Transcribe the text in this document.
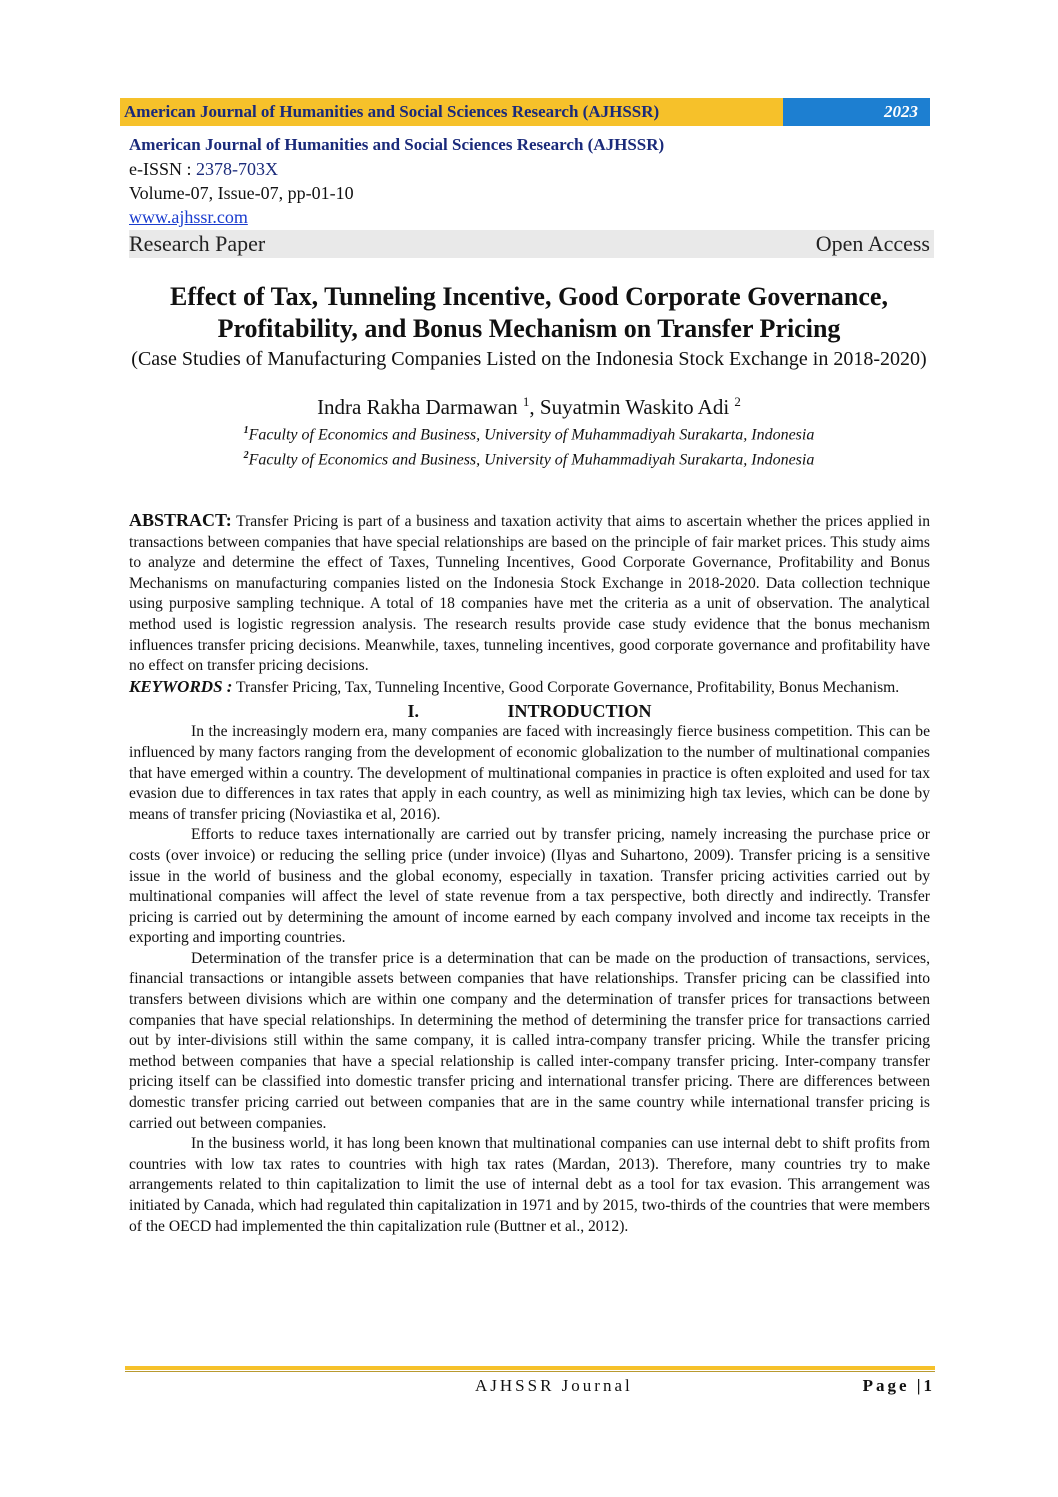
American Journal of Humanities and Social Sciences Research (AJHSSR)	2023
American Journal of Humanities and Social Sciences Research (AJHSSR)
e-ISSN : 2378-703X
Volume-07, Issue-07, pp-01-10
www.ajhssr.com
Research Paper	Open Access
Effect of Tax, Tunneling Incentive, Good Corporate Governance, Profitability, and Bonus Mechanism on Transfer Pricing
(Case Studies of Manufacturing Companies Listed on the Indonesia Stock Exchange in 2018-2020)
Indra Rakha Darmawan $^1$, Suyatmin Waskito Adi $^2$
$^1$Faculty of Economics and Business, University of Muhammadiyah Surakarta, Indonesia
$^2$Faculty of Economics and Business, University of Muhammadiyah Surakarta, Indonesia

ABSTRACT: Transfer Pricing is part of a business and taxation activity that aims to ascertain whether the prices applied in transactions between companies that have special relationships are based on the principle of fair market prices. This study aims to analyze and determine the effect of Taxes, Tunneling Incentives, Good Corporate Governance, Profitability and Bonus Mechanisms on manufacturing companies listed on the Indonesia Stock Exchange in 2018-2020. Data collection technique using purposive sampling technique. A total of 18 companies have met the criteria as a unit of observation. The analytical method used is logistic regression analysis. The research results provide case study evidence that the bonus mechanism influences transfer pricing decisions. Meanwhile, taxes, tunneling incentives, good corporate governance and profitability have no effect on transfer pricing decisions.

KEYWORDS : Transfer Pricing, Tax, Tunneling Incentive, Good Corporate Governance, Profitability, Bonus Mechanism.

I.	INTRODUCTION

In the increasingly modern era, many companies are faced with increasingly fierce business competition. This can be influenced by many factors ranging from the development of economic globalization to the number of multinational companies that have emerged within a country. The development of multinational companies in practice is often exploited and used for tax evasion due to differences in tax rates that apply in each country, as well as minimizing high tax levies, which can be done by means of transfer pricing (Noviastika et al, 2016).

Efforts to reduce taxes internationally are carried out by transfer pricing, namely increasing the purchase price or costs (over invoice) or reducing the selling price (under invoice) (Ilyas and Suhartono, 2009). Transfer pricing is a sensitive issue in the world of business and the global economy, especially in taxation. Transfer pricing activities carried out by multinational companies will affect the level of state revenue from a tax perspective, both directly and indirectly. Transfer pricing is carried out by determining the amount of income earned by each company involved and income tax receipts in the exporting and importing countries.

Determination of the transfer price is a determination that can be made on the production of transactions, services, financial transactions or intangible assets between companies that have relationships. Transfer pricing can be classified into transfers between divisions which are within one company and the determination of transfer prices for transactions between companies that have special relationships. In determining the method of determining the transfer price for transactions carried out by inter-divisions still within the same company, it is called intra-company transfer pricing. While the transfer pricing method between companies that have a special relationship is called inter-company transfer pricing. Inter-company transfer pricing itself can be classified into domestic transfer pricing and international transfer pricing. There are differences between domestic transfer pricing carried out between companies that are in the same country while international transfer pricing is carried out between companies.

In the business world, it has long been known that multinational companies can use internal debt to shift profits from countries with low tax rates to countries with high tax rates (Mardan, 2013). Therefore, many countries try to make arrangements related to thin capitalization to limit the use of internal debt as a tool for tax evasion. This arrangement was initiated by Canada, which had regulated thin capitalization in 1971 and by 2015, two-thirds of the countries that were members of the OECD had implemented the thin capitalization rule (Buttner et al., 2012).

AJHSSR Journal	Page |1
